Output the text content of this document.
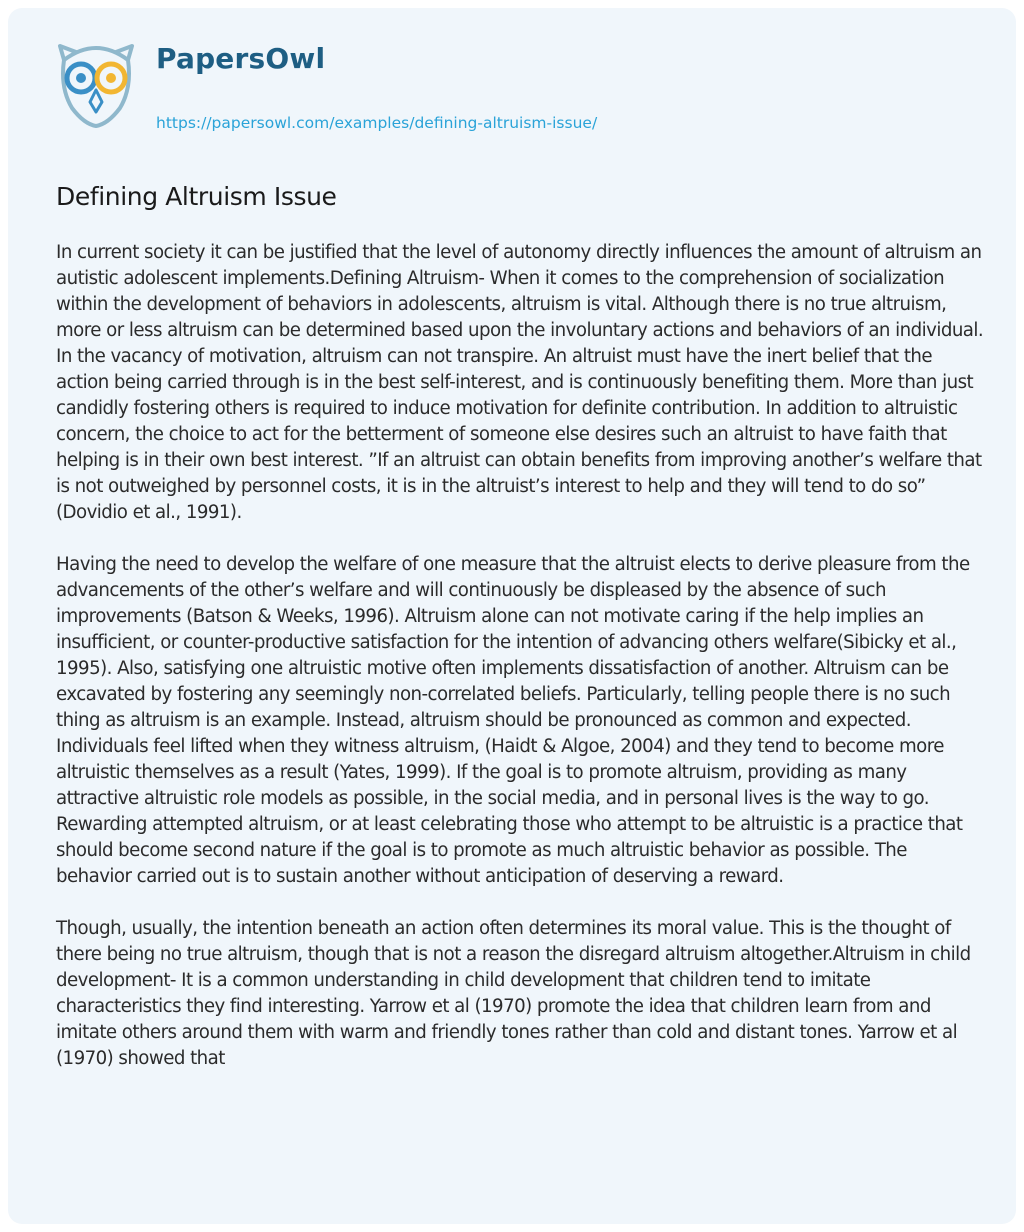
PapersOwl
https://papersowl.com/examples/defining-altruism-issue/
Defining Altruism Issue

In current society it can be justified that the level of autonomy directly influences the amount of altruism an autistic adolescent implements.Defining Altruism- When it comes to the comprehension of socialization within the development of behaviors in adolescents, altruism is vital. Although there is no true altruism, more or less altruism can be determined based upon the involuntary actions and behaviors of an individual. In the vacancy of motivation, altruism can not transpire. An altruist must have the inert belief that the action being carried through is in the best self-interest, and is continuously benefiting them. More than just candidly fostering others is required to induce motivation for definite contribution. In addition to altruistic concern, the choice to act for the betterment of someone else desires such an altruist to have faith that helping is in their own best interest. ”If an altruist can obtain benefits from improving another’s welfare that is not outweighed by personnel costs, it is in the altruist’s interest to help and they will tend to do so” (Dovidio et al., 1991).

Having the need to develop the welfare of one measure that the altruist elects to derive pleasure from the advancements of the other’s welfare and will continuously be displeased by the absence of such improvements (Batson & Weeks, 1996). Altruism alone can not motivate caring if the help implies an insufficient, or counter-productive satisfaction for the intention of advancing others welfare(Sibicky et al., 1995). Also, satisfying one altruistic motive often implements dissatisfaction of another. Altruism can be excavated by fostering any seemingly non-correlated beliefs. Particularly, telling people there is no such thing as altruism is an example. Instead, altruism should be pronounced as common and expected. Individuals feel lifted when they witness altruism, (Haidt & Algoe, 2004) and they tend to become more altruistic themselves as a result (Yates, 1999). If the goal is to promote altruism, providing as many attractive altruistic role models as possible, in the social media, and in personal lives is the way to go. Rewarding attempted altruism, or at least celebrating those who attempt to be altruistic is a practice that should become second nature if the goal is to promote as much altruistic behavior as possible. The behavior carried out is to sustain another without anticipation of deserving a reward.

Though, usually, the intention beneath an action often determines its moral value. This is the thought of there being no true altruism, though that is not a reason the disregard altruism altogether.Altruism in child development- It is a common understanding in child development that children tend to imitate characteristics they find interesting. Yarrow et al (1970) promote the idea that children learn from and imitate others around them with warm and friendly tones rather than cold and distant tones. Yarrow et al (1970) showed that
